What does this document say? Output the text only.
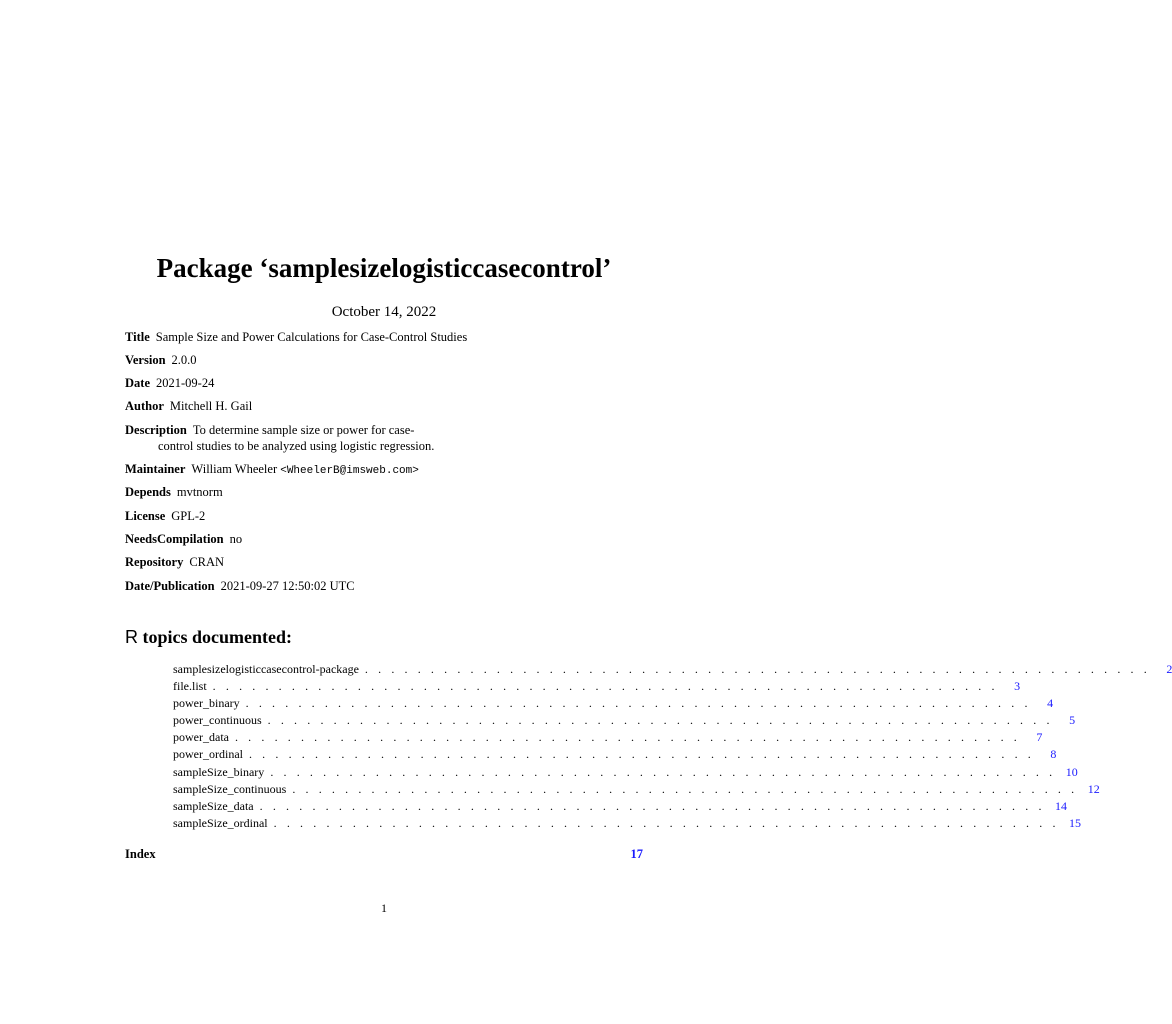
Package ‘samplesizelogisticcasecontrol’
October 14, 2022
Title Sample Size and Power Calculations for Case-Control Studies
Version 2.0.0
Date 2021-09-24
Author Mitchell H. Gail
Description To determine sample size or power for case-
control studies to be analyzed using logistic regression.
Maintainer William Wheeler <WheelerB@imsweb.com>
Depends mvtnorm
License GPL-2
NeedsCompilation no
Repository CRAN
Date/Publication 2021-09-27 12:50:02 UTC
R topics documented:
samplesizelogisticcasecontrol-package . . . . . . . . . . . . . . . . . . . . . . . . . . . . . . . . . . . . . . . . . . . . . . . . . . . . . . . . . . . .	2
file.list . . . . . . . . . . . . . . . . . . . . . . . . . . . . . . . . . . . . . . . . . . . . . . . . . . . . . . . . . . . .	3
power_binary . . . . . . . . . . . . . . . . . . . . . . . . . . . . . . . . . . . . . . . . . . . . . . . . . . . . . . . . . . . .	4
power_continuous . . . . . . . . . . . . . . . . . . . . . . . . . . . . . . . . . . . . . . . . . . . . . . . . . . . . . . . . . . . .	5
power_data . . . . . . . . . . . . . . . . . . . . . . . . . . . . . . . . . . . . . . . . . . . . . . . . . . . . . . . . . . . .	7
power_ordinal . . . . . . . . . . . . . . . . . . . . . . . . . . . . . . . . . . . . . . . . . . . . . . . . . . . . . . . . . . . .	8
sampleSize_binary . . . . . . . . . . . . . . . . . . . . . . . . . . . . . . . . . . . . . . . . . . . . . . . . . . . . . . . . . . . . 10
sampleSize_continuous . . . . . . . . . . . . . . . . . . . . . . . . . . . . . . . . . . . . . . . . . . . . . . . . . . . . . . . . . . . . 12
sampleSize_data . . . . . . . . . . . . . . . . . . . . . . . . . . . . . . . . . . . . . . . . . . . . . . . . . . . . . . . . . . . . 14
sampleSize_ordinal . . . . . . . . . . . . . . . . . . . . . . . . . . . . . . . . . . . . . . . . . . . . . . . . . . . . . . . . . . . . 15
Index	17
1
